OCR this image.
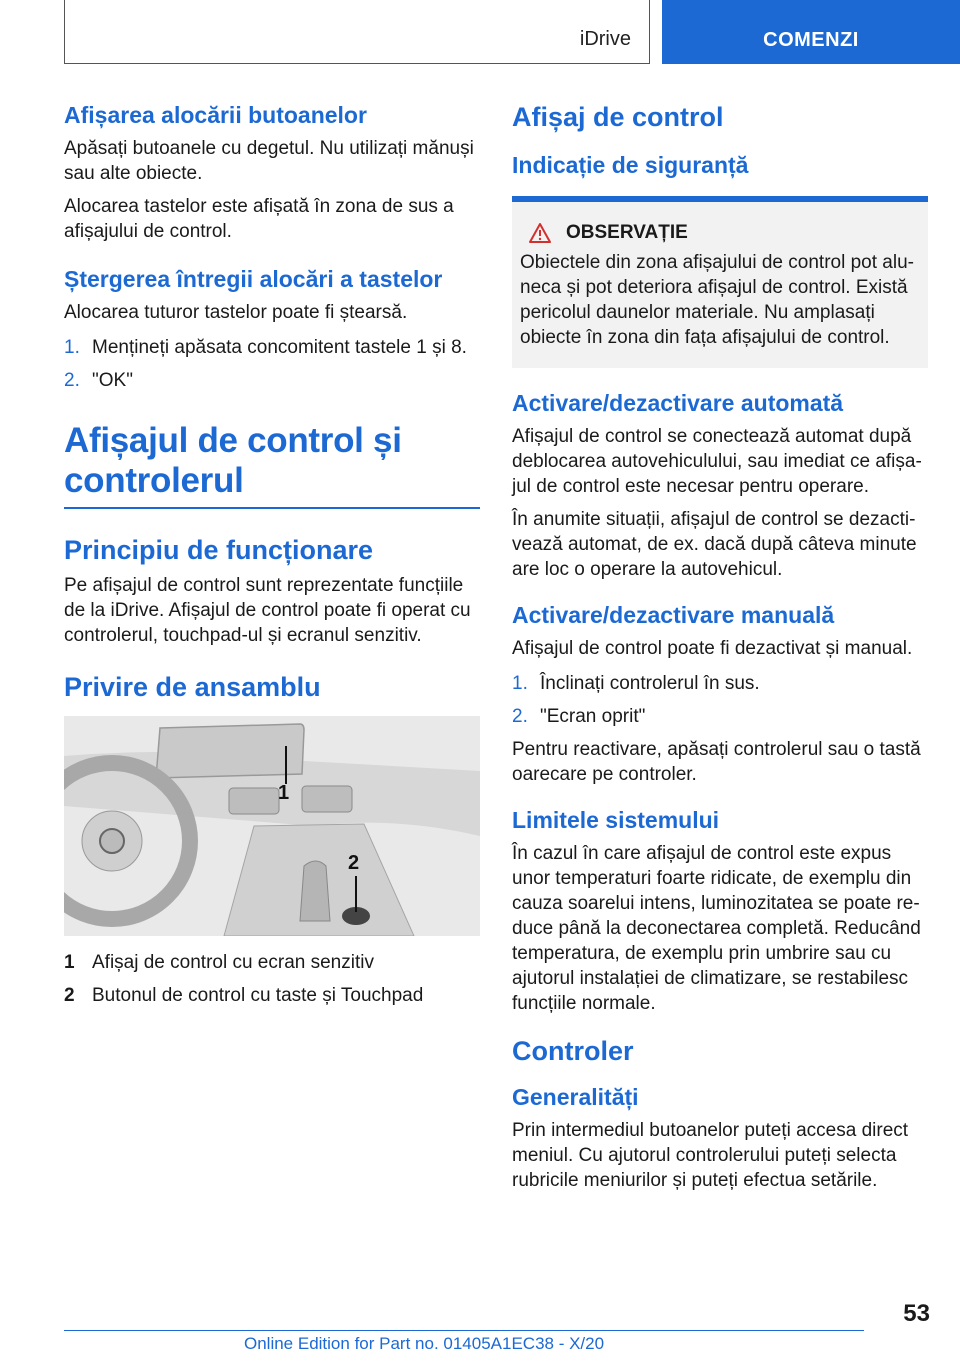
iDrive	COMENZI
Afișarea alocării butoanelor

Apăsați butoanele cu degetul. Nu utilizați mănuși sau alte obiecte.

Alocarea tastelor este afișată în zona de sus a afișajului de control.

Ștergerea întregii alocări a tastelor

Alocarea tuturor tastelor poate fi ștearsă.

1. Mențineți apăsata concomitent tastele 1 și 8.
2. "OK"
Afișajul de control și controlerul
Principiu de funcționare

Pe afișajul de control sunt reprezentate funcțiile de la iDrive. Afișajul de control poate fi operat cu controlerul, touchpad-ul și ecranul senzitiv.

Privire de ansamblu
1
2
1 Afișaj de control cu ecran senzitiv
2 Butonul de control cu taste și Touchpad
Afișaj de control
Indicație de siguranță
OBSERVAȚIE

Obiectele din zona afișajului de control pot aluneca și pot deteriora afișajul de control. Există pericolul daunelor materiale. Nu amplasați obiecte în zona din fața afișajului de control.

Activare/dezactivare automată

Afișajul de control se conectează automat după deblocarea autovehiculului, sau imediat ce afișajul de control este necesar pentru operare.

În anumite situații, afișajul de control se dezactivează automat, de ex. dacă după câteva minute are loc o operare la autovehicul.

Activare/dezactivare manuală

Afișajul de control poate fi dezactivat și manual.

1. Înclinați controlerul în sus.
2. "Ecran oprit"

Pentru reactivare, apăsați controlerul sau o tastă oarecare pe controler.

Limitele sistemului

În cazul în care afișajul de control este expus unor temperaturi foarte ridicate, de exemplu din cauza soarelui intens, luminozitatea se poate reduce până la deconectarea completă. Reducând temperatura, de exemplu prin umbrire sau cu ajutorul instalației de climatizare, se restabilesc funcțiile normale.

Controler
Generalități

Prin intermediul butoanelor puteți accesa direct meniul. Cu ajutorul controlerului puteți selecta rubricile meniurilor și puteți efectua setările.

53
Online Edition for Part no. 01405A1EC38 - X/20
